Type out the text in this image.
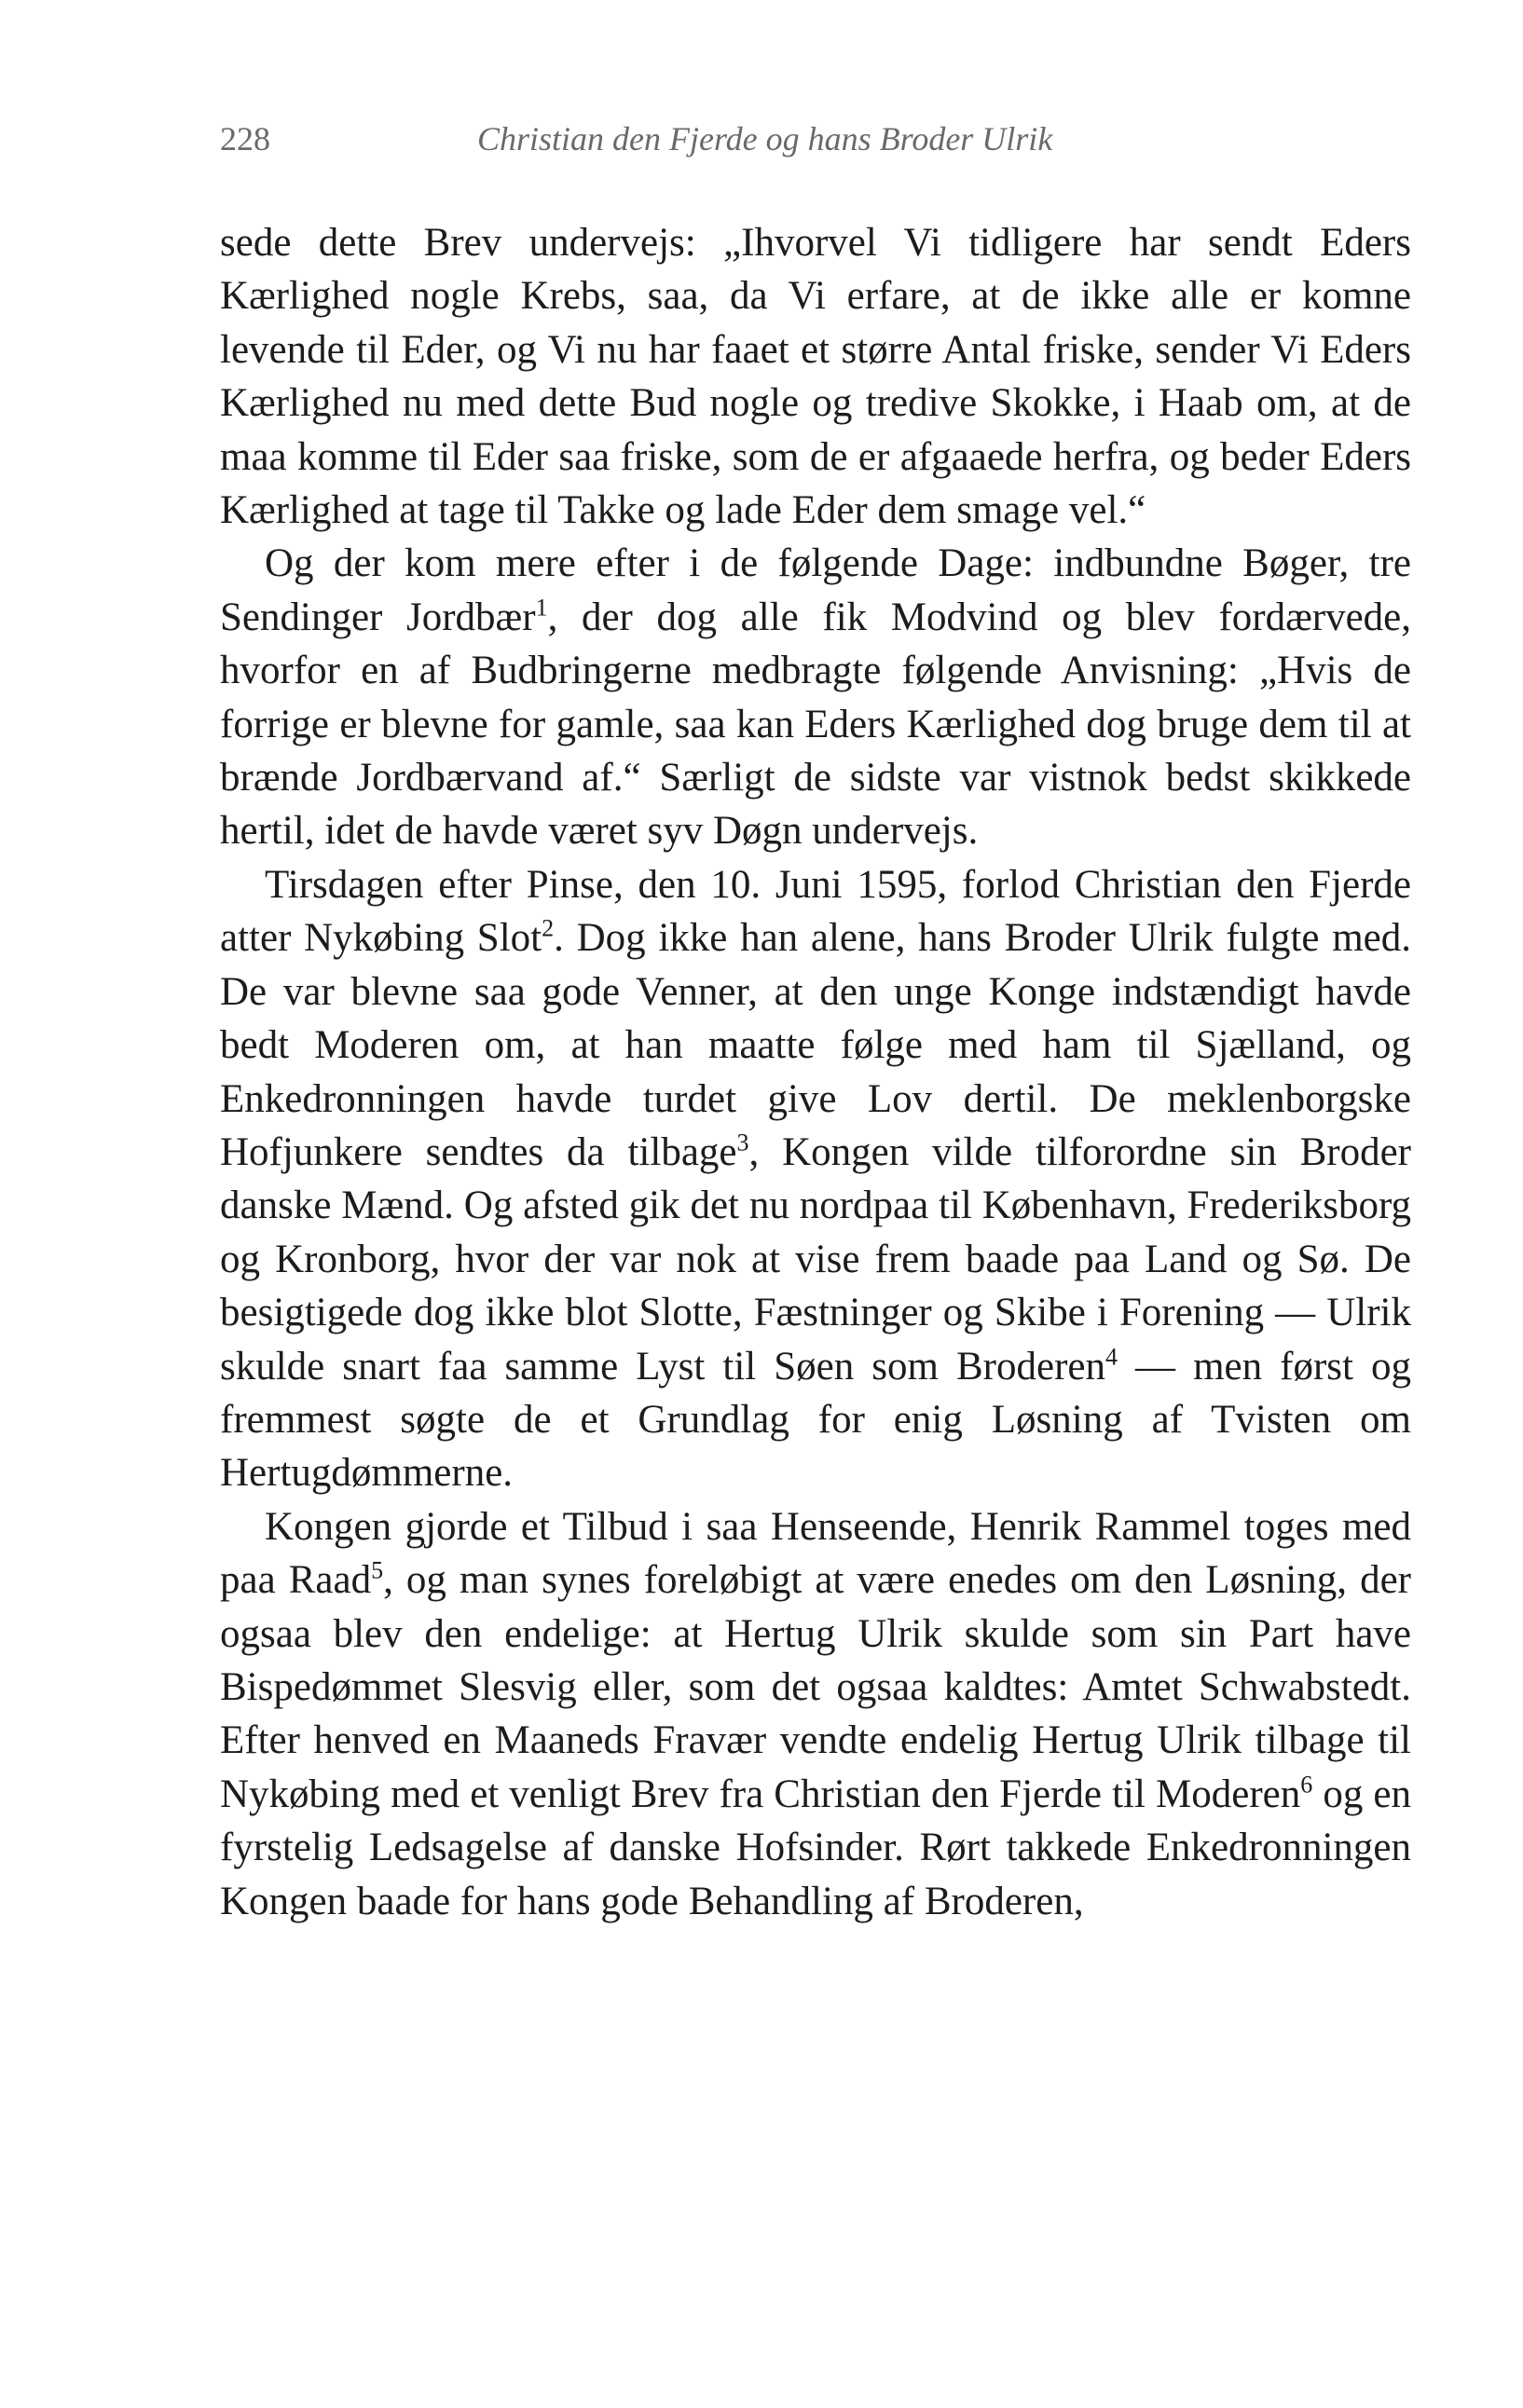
228	Christian den Fjerde og hans Broder Ulrik

sede dette Brev undervejs: „Ihvorvel Vi tidligere har sendt Eders Kærlighed nogle Krebs, saa, da Vi erfare, at de ikke alle er komne levende til Eder, og Vi nu har faaet et større Antal friske, sender Vi Eders Kærlighed nu med dette Bud nogle og tredive Skokke, i Haab om, at de maa komme til Eder saa friske, som de er afgaaede herfra, og beder Eders Kærlighed at tage til Takke og lade Eder dem smage vel.“

Og der kom mere efter i de følgende Dage: indbundne Bøger, tre Sendinger Jordbær$^1$, der dog alle fik Modvind og blev fordærvede, hvorfor en af Budbringerne medbragte følgende Anvisning: „Hvis de forrige er blevne for gamle, saa kan Eders Kærlighed dog bruge dem til at brænde Jordbærvand af.“ Særligt de sidste var vistnok bedst skikkede hertil, idet de havde været syv Døgn undervejs.

Tirsdagen efter Pinse, den 10. Juni 1595, forlod Christian den Fjerde atter Nykøbing Slot$^2$. Dog ikke han alene, hans Broder Ulrik fulgte med. De var blevne saa gode Venner, at den unge Konge indstændigt havde bedt Moderen om, at han maatte følge med ham til Sjælland, og Enkedronningen havde turdet give Lov dertil. De meklenborgske Hofjunkere sendtes da tilbage$^3$, Kongen vilde tilforordne sin Broder danske Mænd. Og afsted gik det nu nordpaa til København, Frederiksborg og Kronborg, hvor der var nok at vise frem baade paa Land og Sø. De besigtigede dog ikke blot Slotte, Fæstninger og Skibe i Forening — Ulrik skulde snart faa samme Lyst til Søen som Broderen$^4$ — men først og fremmest søgte de et Grundlag for enig Løsning af Tvisten om Hertugdømmerne.

Kongen gjorde et Tilbud i saa Henseende, Henrik Rammel toges med paa Raad$^5$, og man synes foreløbigt at være enedes om den Løsning, der ogsaa blev den endelige: at Hertug Ulrik skulde som sin Part have Bispedømmet Slesvig eller, som det ogsaa kaldtes: Amtet Schwabstedt. Efter henved en Maaneds Fravær vendte endelig Hertug Ulrik tilbage til Nykøbing med et venligt Brev fra Christian den Fjerde til Moderen$^6$ og en fyrstelig Ledsagelse af danske Hofsinder. Rørt takkede Enkedronningen Kongen baade for hans gode Behandling af Broderen,
